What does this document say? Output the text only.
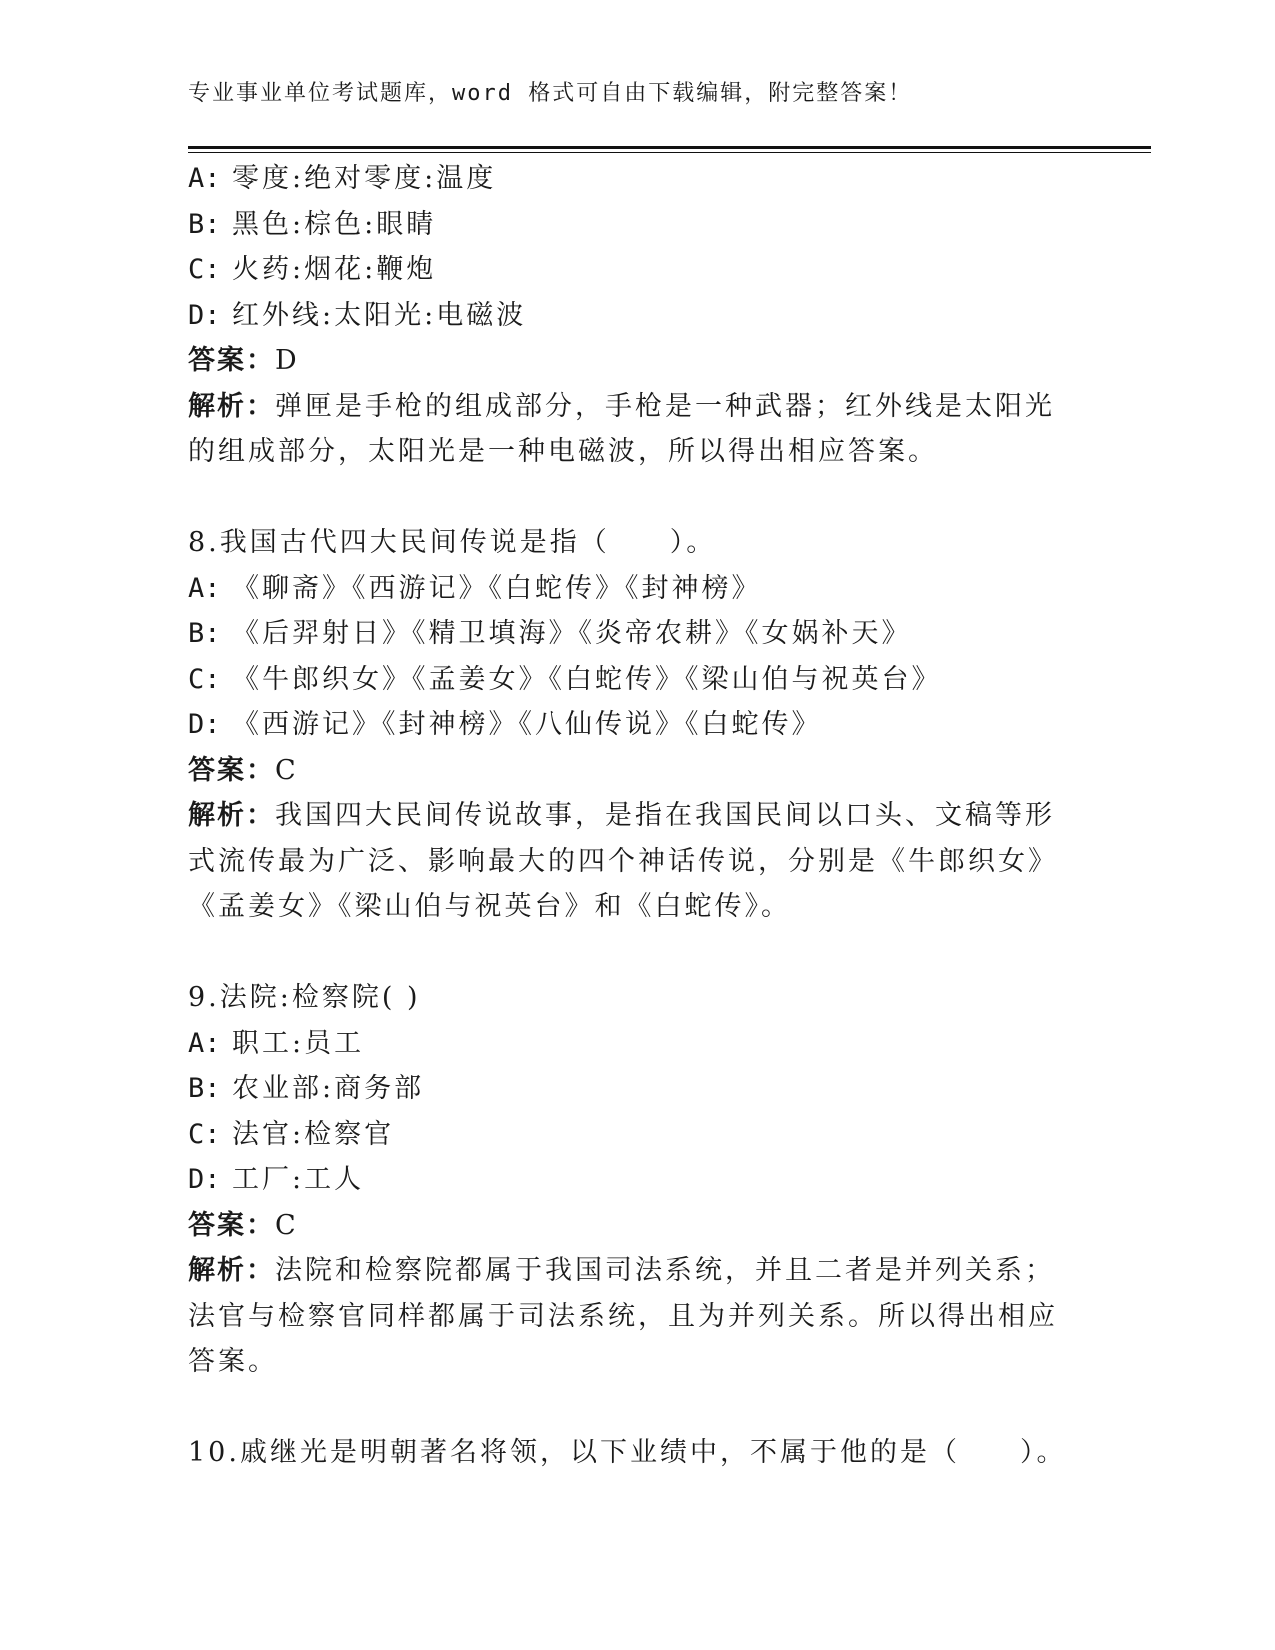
专业事业单位考试题库，word 格式可自由下载编辑，附完整答案！
A: 零度:绝对零度:温度
B: 黑色:棕色:眼睛
C: 火药:烟花:鞭炮
D: 红外线:太阳光:电磁波
答案：D
解析：弹匣是手枪的组成部分，手枪是一种武器；红外线是太阳光的组成部分，太阳光是一种电磁波，所以得出相应答案。
8.我国古代四大民间传说是指（　　）。
A: 《聊斋》《西游记》《白蛇传》《封神榜》
B: 《后羿射日》《精卫填海》《炎帝农耕》《女娲补天》
C: 《牛郎织女》《孟姜女》《白蛇传》《梁山伯与祝英台》
D: 《西游记》《封神榜》《八仙传说》《白蛇传》
答案：C
解析：我国四大民间传说故事，是指在我国民间以口头、文稿等形式流传最为广泛、影响最大的四个神话传说，分别是《牛郎织女》《孟姜女》《梁山伯与祝英台》和《白蛇传》。
9.法院:检察院( )
A: 职工:员工
B: 农业部:商务部
C: 法官:检察官
D: 工厂:工人
答案：C
解析：法院和检察院都属于我国司法系统，并且二者是并列关系；法官与检察官同样都属于司法系统，且为并列关系。所以得出相应答案。
10.戚继光是明朝著名将领，以下业绩中，不属于他的是（　　）。
